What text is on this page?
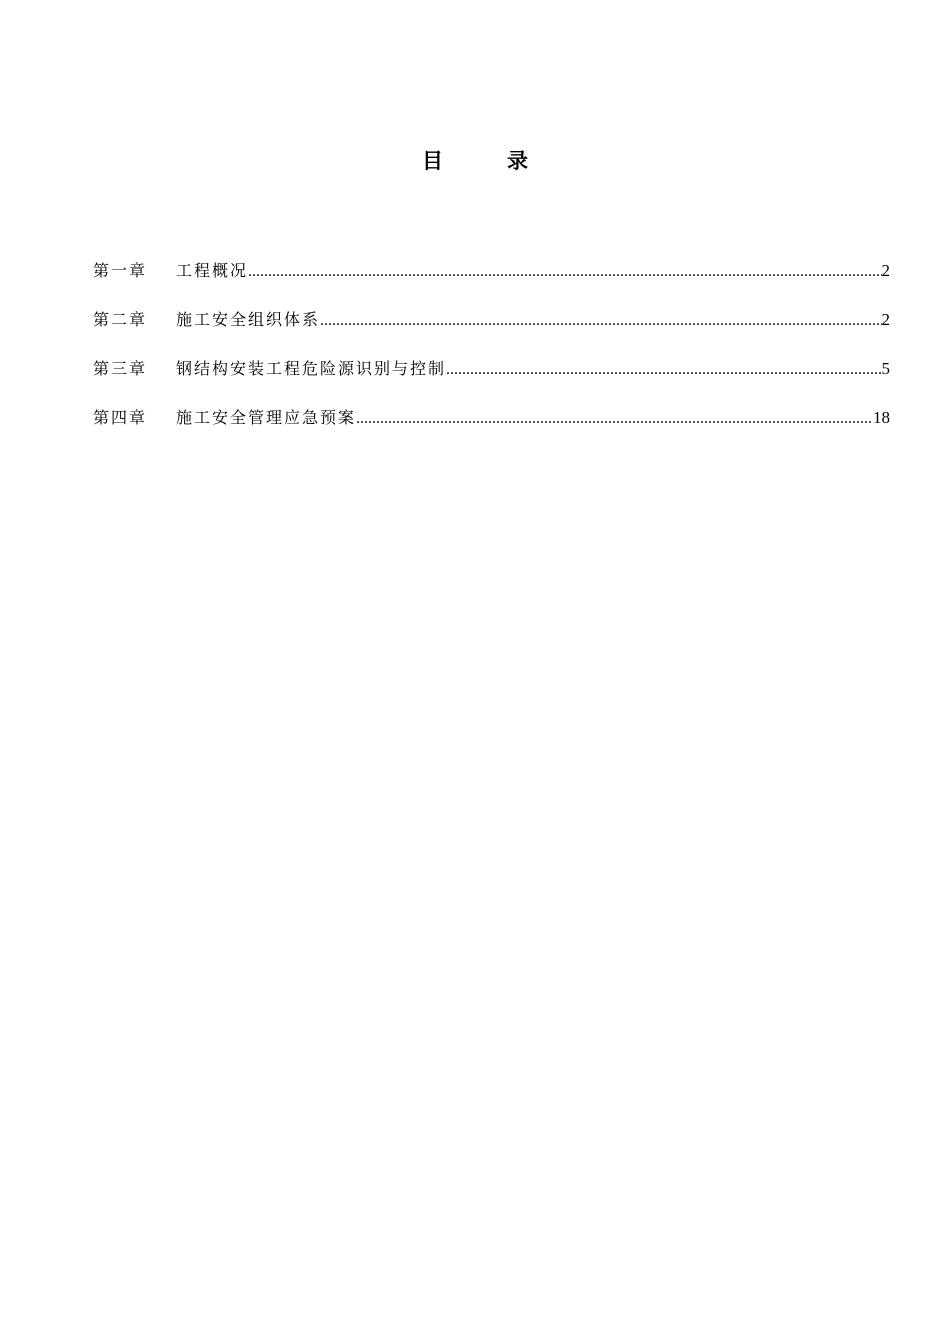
目	录
第一章	工程概况 .....	2
第二章	施工安全组织体系 .....	2
第三章	钢结构安装工程危险源识别与控制 .....	5
第四章	施工安全管理应急预案 .....	18
